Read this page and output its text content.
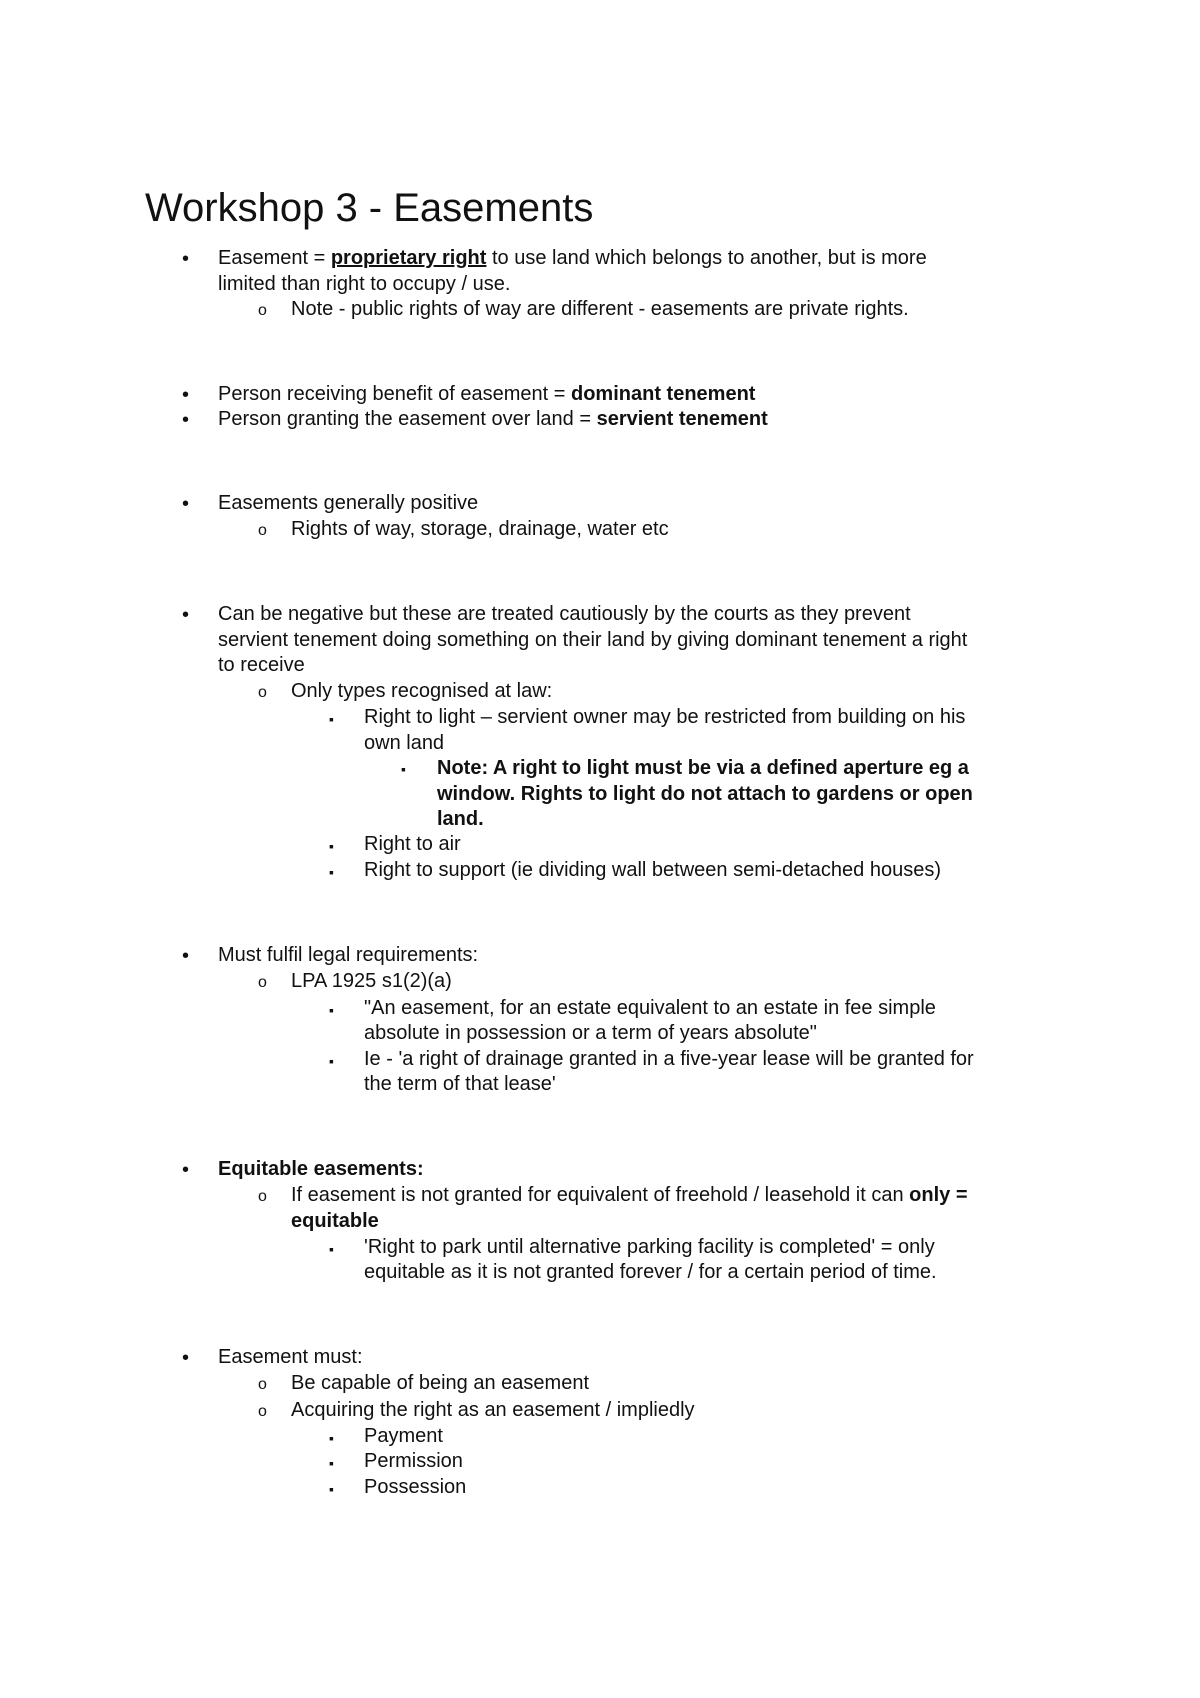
Workshop 3 - Easements
• Easement = proprietary right to use land which belongs to another, but is more
limited than right to occupy / use.
o Note - public rights of way are different - easements are private rights.
• Person receiving benefit of easement = dominant tenement
• Person granting the easement over land = servient tenement
• Easements generally positive
o Rights of way, storage, drainage, water etc
• Can be negative but these are treated cautiously by the courts as they prevent
servient tenement doing something on their land by giving dominant tenement a right
to receive
o Only types recognised at law:
▪ Right to light – servient owner may be restricted from building on his
own land
▪ Note: A right to light must be via a defined aperture eg a
window. Rights to light do not attach to gardens or open
land.
▪ Right to air
▪ Right to support (ie dividing wall between semi-detached houses)
• Must fulfil legal requirements:
o LPA 1925 s1(2)(a)
▪ "An easement, for an estate equivalent to an estate in fee simple
absolute in possession or a term of years absolute"
▪ Ie - 'a right of drainage granted in a five-year lease will be granted for
the term of that lease'
• Equitable easements:
o If easement is not granted for equivalent of freehold / leasehold it can only =
equitable
▪ 'Right to park until alternative parking facility is completed' = only
equitable as it is not granted forever / for a certain period of time.
• Easement must:
o Be capable of being an easement
o Acquiring the right as an easement / impliedly
▪ Payment
▪ Permission
▪ Possession
